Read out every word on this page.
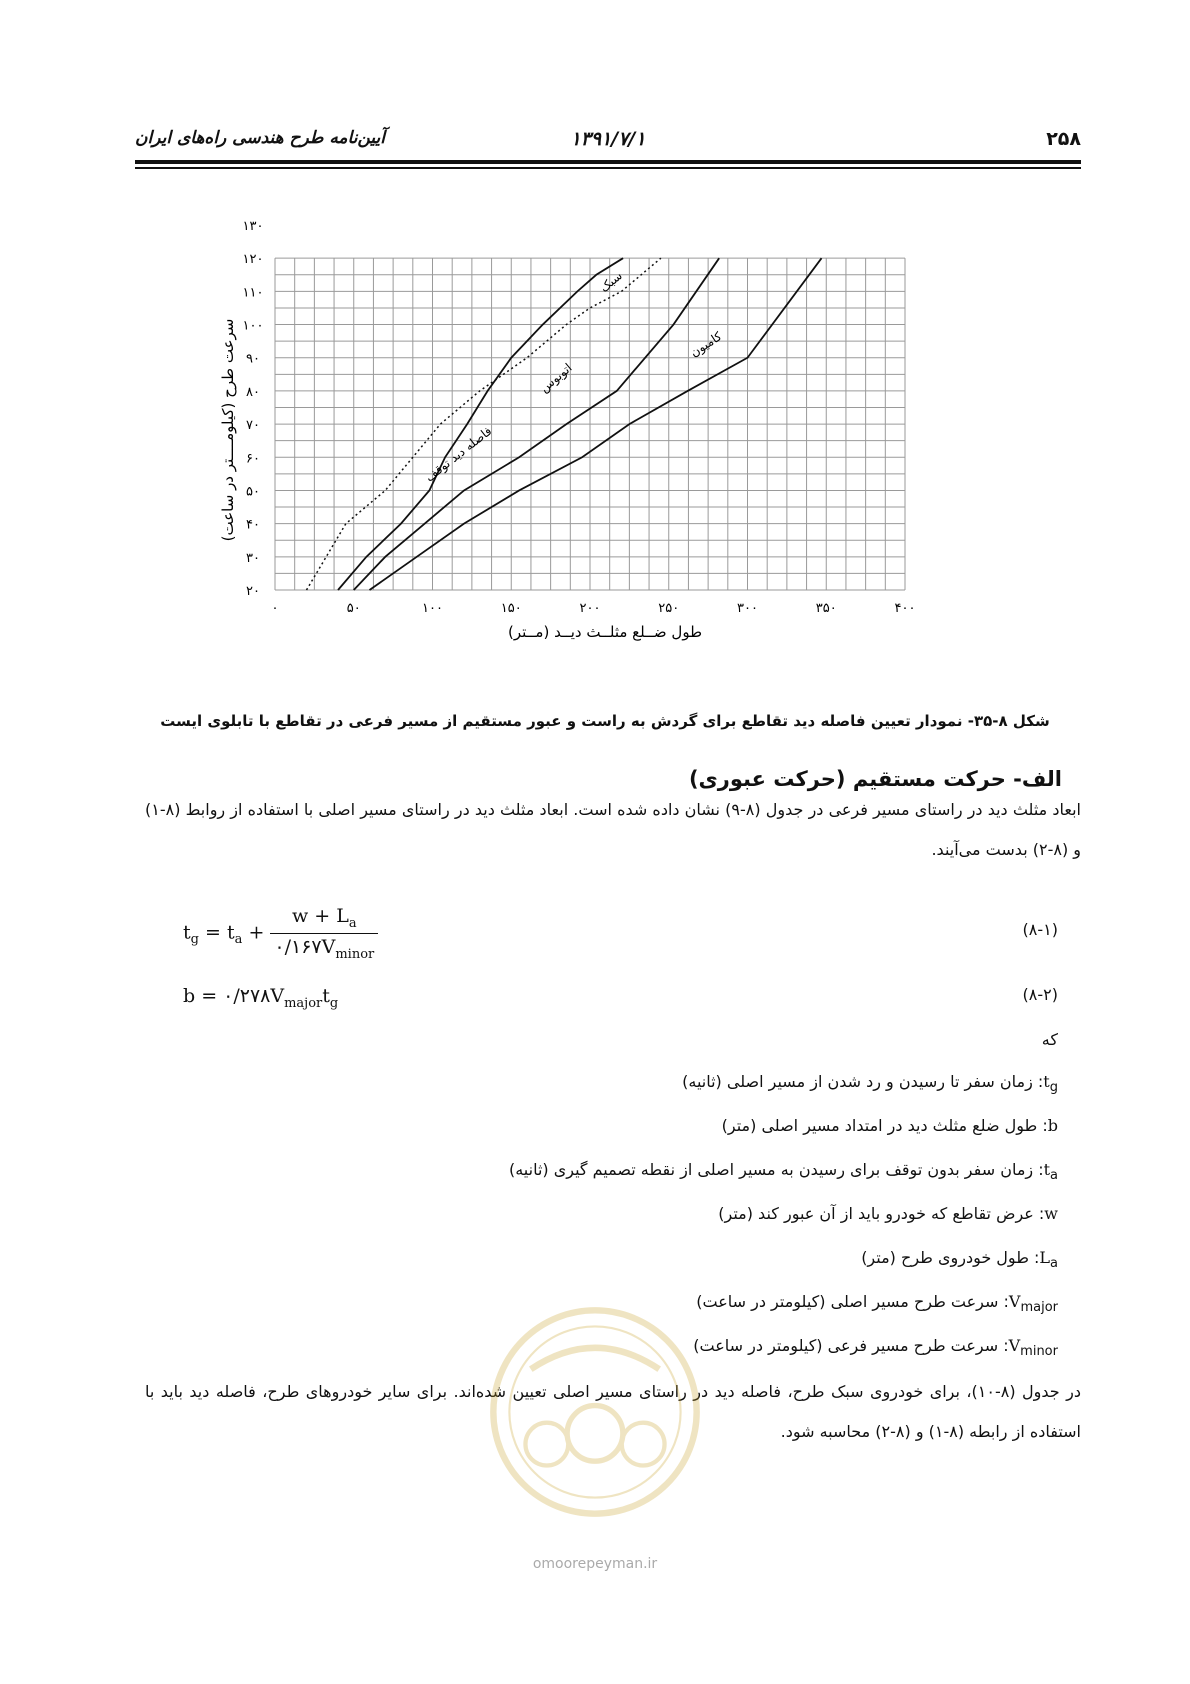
۲۵۸
۱۳۹۱/۷/۱
آیین‌نامه طرح هندسی راه‌های ایران
۰	۵۰	۱۰۰	۱۵۰	۲۰۰	۲۵۰	۳۰۰	۳۵۰	۴۰۰
۲۰
۳۰
۴۰
۵۰
۶۰
۷۰
۸۰
۹۰
۱۰۰
۱۱۰
۱۲۰
۱۳۰
فاصله دید توقف
سبک
اتوبوس
کامیون
طول ضــلع مثلــث دیــد (مــتر)
سرعت طرح (کیلومــــتر در ساعت)
شکل ۸-۳۵- نمودار تعیین فاصله دید تقاطع برای گردش به راست و عبور مستقیم از مسیر فرعی در تقاطع با تابلوی ایست
الف- حرکت مستقیم (حرکت عبوری)
ابعاد مثلث دید در راستای مسیر فرعی در جدول (۸-۹) نشان داده شده است. ابعاد مثلث دید در راستای مسیر اصلی با استفاده از روابط (۸-۱) و (۸-۲) بدست می‌آیند.
$t_g = t_a + \frac{w + L_a}{۰/۱۶۷V_{minor}}$	(۸-۱)
$b = ۰/۲۷۸V_{major}t_g$	(۸-۲)
که
$t_g$: زمان سفر تا رسیدن و رد شدن از مسیر اصلی (ثانیه)
b: طول ضلع مثلث دید در امتداد مسیر اصلی (متر)
$t_a$: زمان سفر بدون توقف برای رسیدن به مسیر اصلی از نقطه تصمیم گیری (ثانیه)
w: عرض تقاطع که خودرو باید از آن عبور کند (متر)
$L_a$: طول خودروی طرح (متر)
$V_{major}$: سرعت طرح مسیر اصلی (کیلومتر در ساعت)
$V_{minor}$: سرعت طرح مسیر فرعی (کیلومتر در ساعت)
در جدول (۸-۱۰)، برای خودروی سبک طرح، فاصله دید در راستای مسیر اصلی تعیین شده‌اند. برای سایر خودروهای طرح، فاصله دید باید با استفاده از رابطه (۸-۱) و (۸-۲) محاسبه شود.
omoorepeyman.ir
